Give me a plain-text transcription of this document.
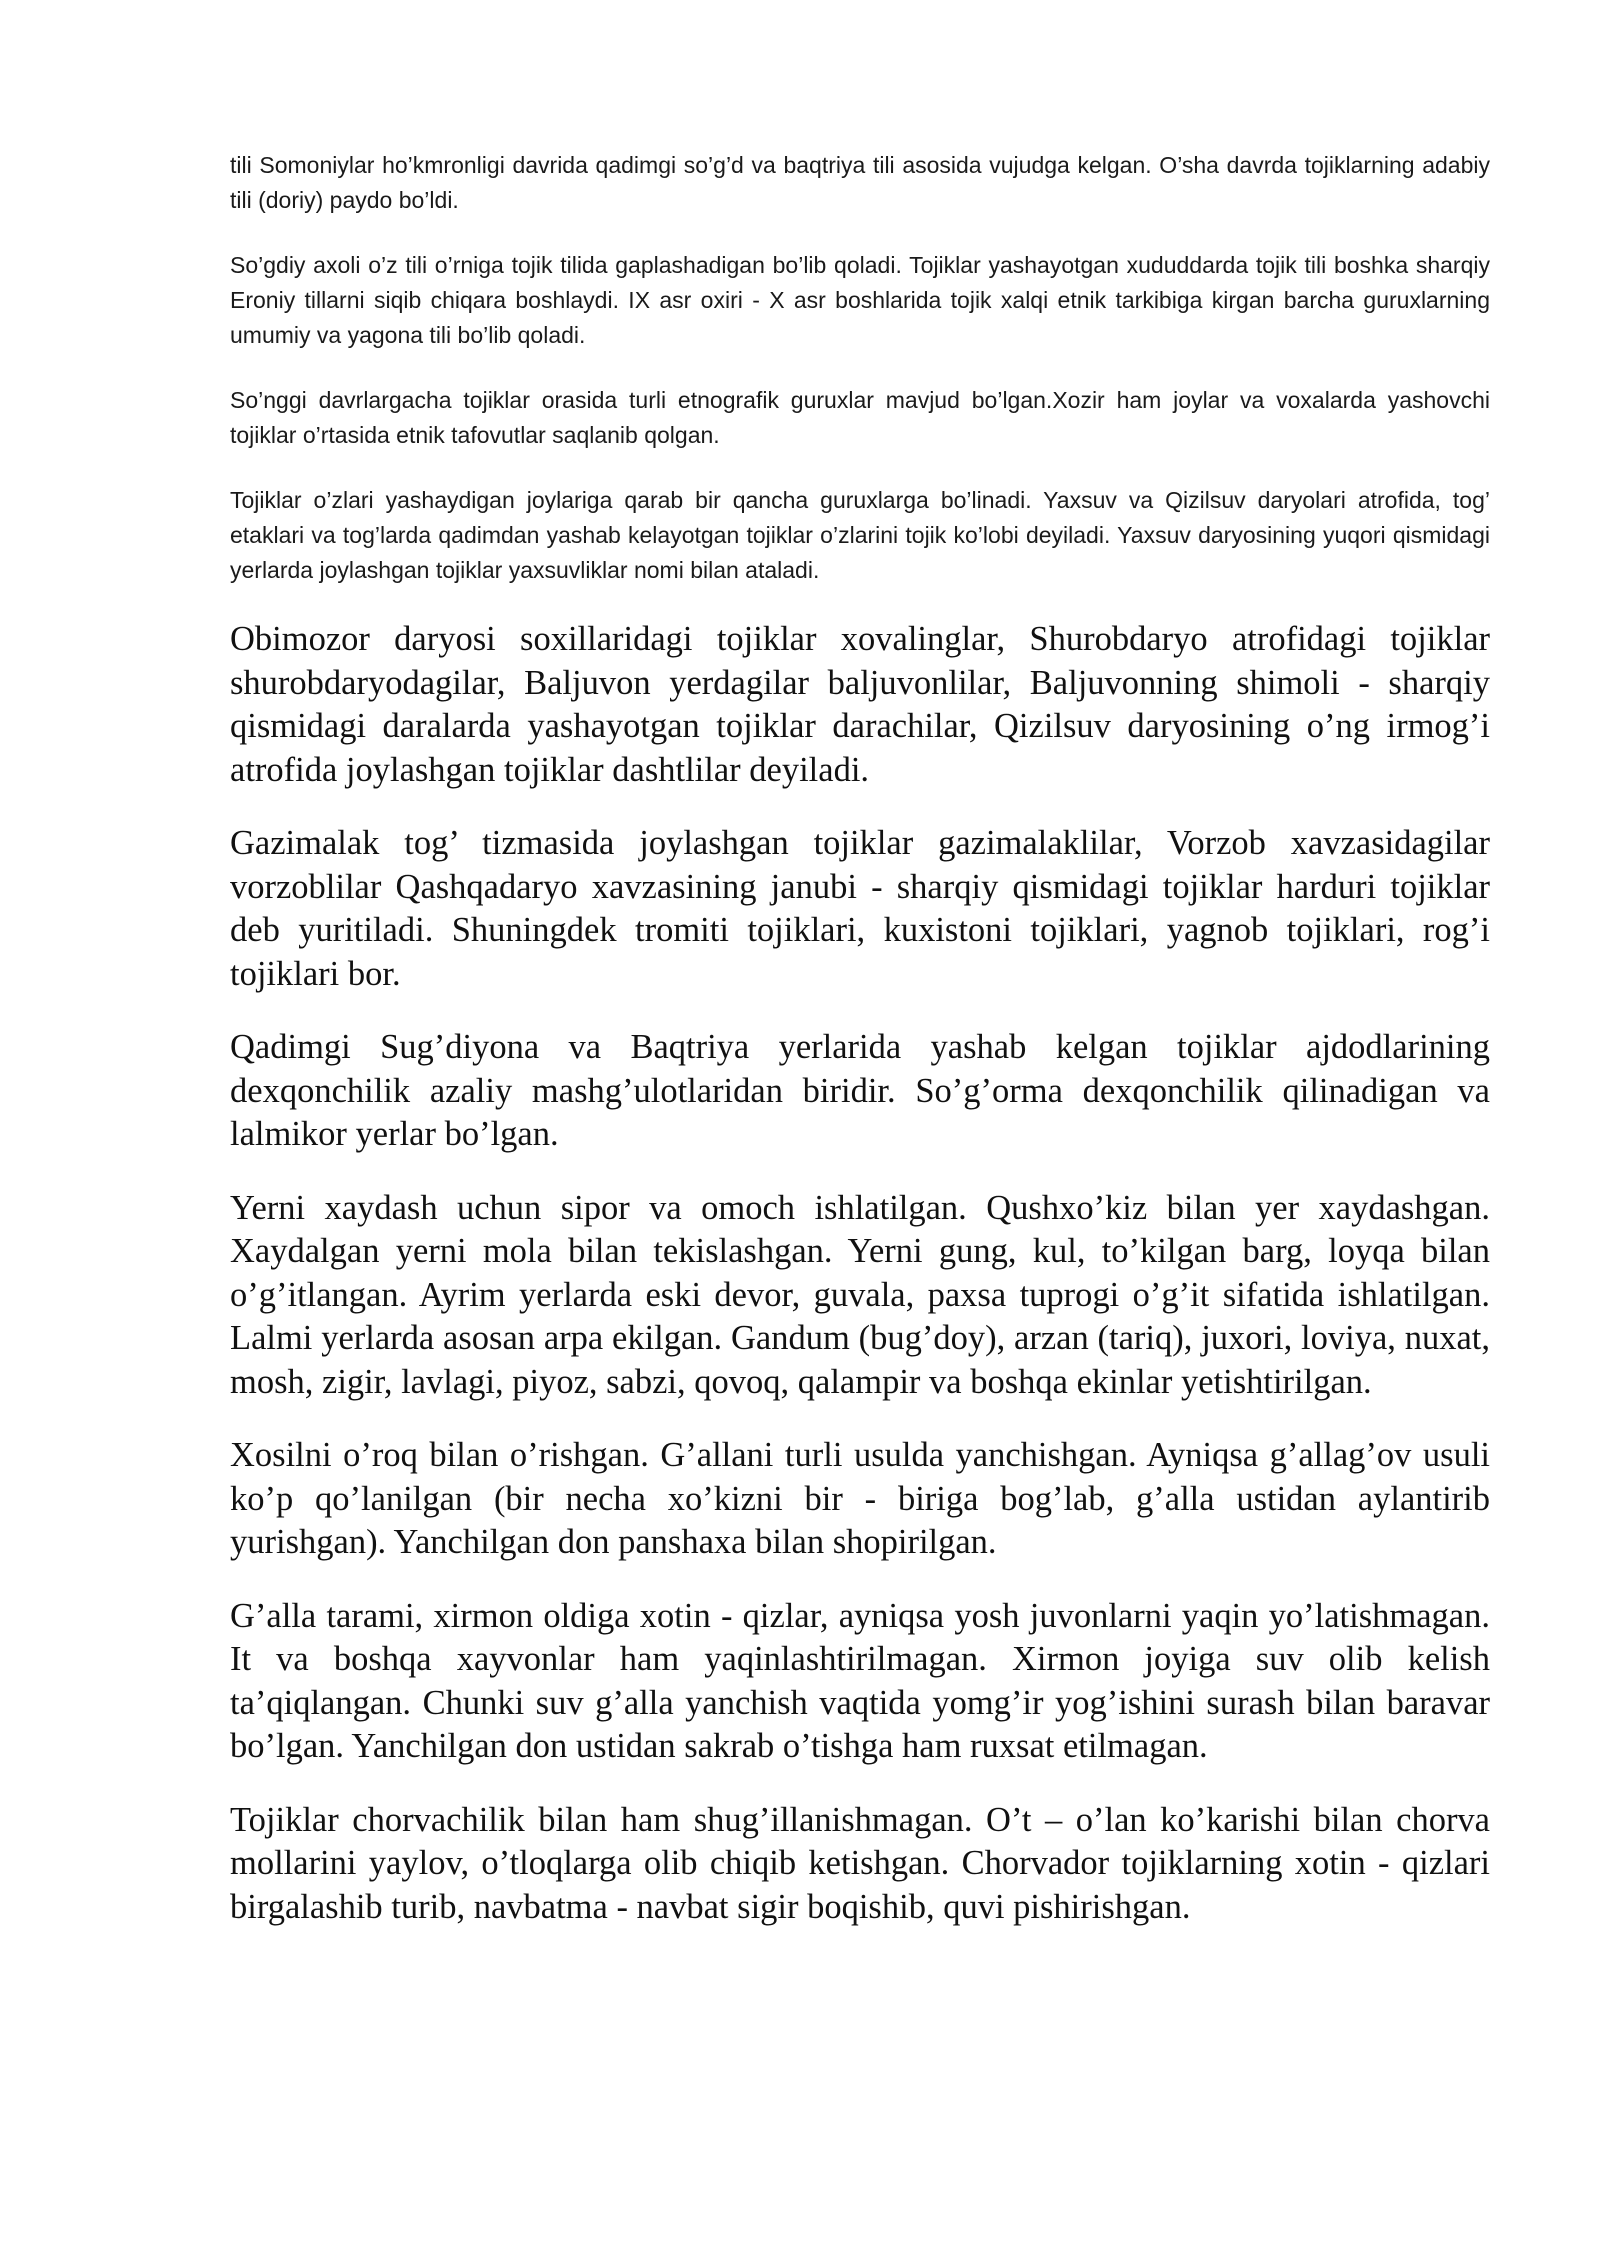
tili Somoniylar ho’kmronligi davrida qadimgi so’g’d va baqtriya tili asosida vujudga kelgan. O’sha davrda tojiklarning adabiy tili (doriy) paydo bo’ldi.

So’gdiy axoli o’z tili o’rniga tojik tilida gaplashadigan bo’lib qoladi. Tojiklar yashayotgan xududdarda tojik tili boshka sharqiy Eroniy tillarni siqib chiqara boshlaydi. IX asr oxiri - X asr boshlarida tojik xalqi etnik tarkibiga kirgan barcha guruxlarning umumiy va yagona tili bo’lib qoladi.

So’nggi davrlargacha tojiklar orasida turli etnografik guruxlar mavjud bo’lgan.Xozir ham joylar va voxalarda yashovchi tojiklar o’rtasida etnik tafovutlar saqlanib qolgan.

Tojiklar o’zlari yashaydigan joylariga qarab bir qancha guruxlarga bo’linadi. Yaxsuv va Qizilsuv daryolari atrofida, tog’ etaklari va tog’larda qadimdan yashab kelayotgan tojiklar o’zlarini tojik ko’lobi deyiladi. Yaxsuv daryosining yuqori qismidagi yerlarda joylashgan tojiklar yaxsuvliklar nomi bilan ataladi.

Obimozor daryosi soxillaridagi tojiklar xovalinglar, Shurobdaryo atrofidagi tojiklar shurobdaryodagilar, Baljuvon yerdagilar baljuvonlilar, Baljuvonning shimoli - sharqiy qismidagi daralarda yashayotgan tojiklar darachilar, Qizilsuv daryosining o’ng irmog’i atrofida joylashgan tojiklar dashtlilar deyiladi.

Gazimalak tog’ tizmasida joylashgan tojiklar gazimalaklilar, Vorzob xavzasidagilar vorzoblilar Qashqadaryo xavzasining janubi - sharqiy qismidagi tojiklar harduri tojiklar deb yuritiladi. Shuningdek tromiti tojiklari, kuxistoni tojiklari, yagnob tojiklari, rog’i tojiklari bor.

Qadimgi Sug’diyona va Baqtriya yerlarida yashab kelgan tojiklar ajdodlarining dexqonchilik azaliy mashg’ulotlaridan biridir. So’g’orma dexqonchilik qilinadigan va lalmikor yerlar bo’lgan.

Yerni xaydash uchun sipor va omoch ishlatilgan. Qushxo’kiz bilan yer xaydashgan. Xaydalgan yerni mola bilan tekislashgan. Yerni gung, kul, to’kilgan barg, loyqa bilan o’g’itlangan. Ayrim yerlarda eski devor, guvala, paxsa tuprogi o’g’it sifatida ishlatilgan. Lalmi yerlarda asosan arpa ekilgan. Gandum (bug’doy), arzan (tariq), juxori, loviya, nuxat, mosh, zigir, lavlagi, piyoz, sabzi, qovoq, qalampir va boshqa ekinlar yetishtirilgan.

Xosilni o’roq bilan o’rishgan. G’allani turli usulda yanchishgan. Ayniqsa g’allag’ov usuli ko’p qo’lanilgan (bir necha xo’kizni bir - biriga bog’lab, g’alla ustidan aylantirib yurishgan). Yanchilgan don panshaxa bilan shopirilgan.

G’alla tarami, xirmon oldiga xotin - qizlar, ayniqsa yosh juvonlarni yaqin yo’latishmagan. It va boshqa xayvonlar ham yaqinlashtirilmagan. Xirmon joyiga suv olib kelish ta’qiqlangan. Chunki suv g’alla yanchish vaqtida yomg’ir yog’ishini surash bilan baravar bo’lgan. Yanchilgan don ustidan sakrab o’tishga ham ruxsat etilmagan.

Tojiklar chorvachilik bilan ham shug’illanishmagan. O’t – o’lan ko’karishi bilan chorva mollarini yaylov, o’tloqlarga olib chiqib ketishgan. Chorvador tojiklarning xotin - qizlari birgalashib turib, navbatma - navbat sigir boqishib, quvi pishirishgan.
